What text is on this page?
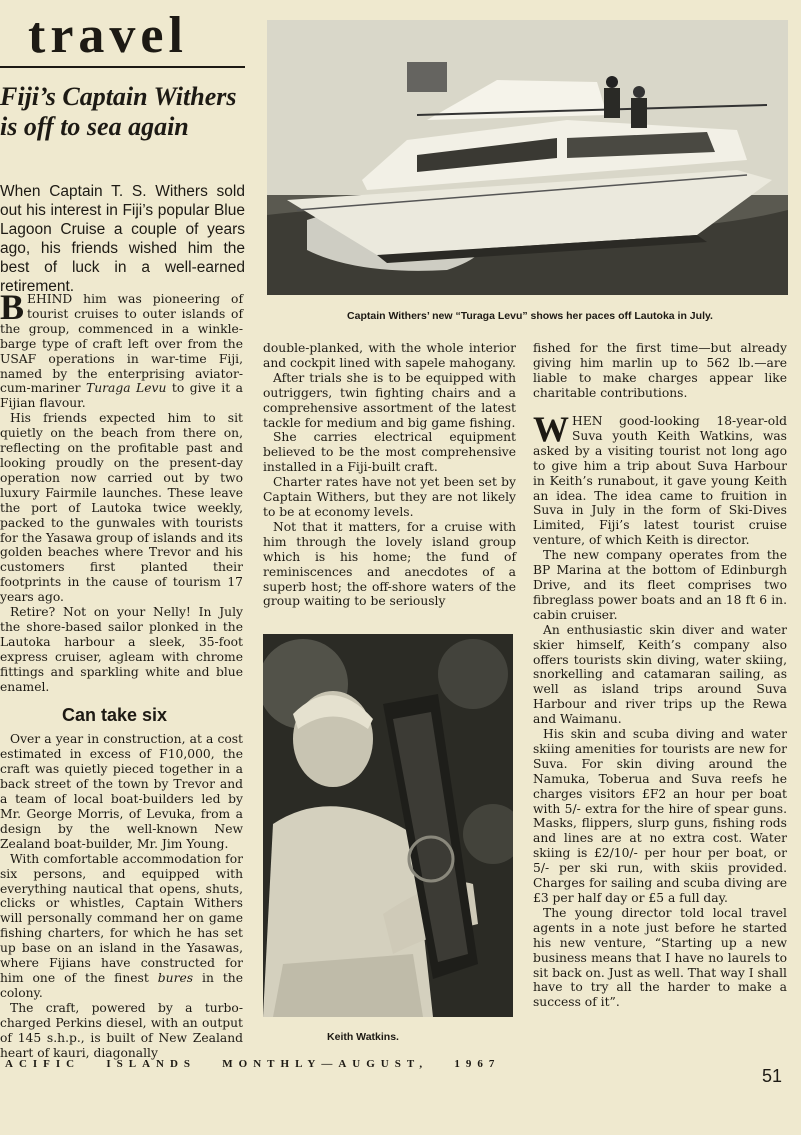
travel
Fiji’s Captain Withers is off to sea again
When Captain T. S. Withers sold out his interest in Fiji’s popular Blue Lagoon Cruise a couple of years ago, his friends wished him the best of luck in a well-earned retirement.

BEHIND him was pioneering of tourist cruises to outer islands of the group, commenced in a winkle-barge type of craft left over from the USAF operations in war-time Fiji, named by the enterprising aviator-cum-mariner Turaga Levu to give it a Fijian flavour.

His friends expected him to sit quietly on the beach from there on, reflecting on the profitable past and looking proudly on the present-day operation now carried out by two luxury Fairmile launches. These leave the port of Lautoka twice weekly, packed to the gunwales with tourists for the Yasawa group of islands and its golden beaches where Trevor and his customers first planted their footprints in the cause of tourism 17 years ago.

Retire? Not on your Nelly! In July the shore-based sailor plonked in the Lautoka harbour a sleek, 35-foot express cruiser, agleam with chrome fittings and sparkling white and blue enamel.

Can take six

Over a year in construction, at a cost estimated in excess of F10,000, the craft was quietly pieced together in a back street of the town by Trevor and a team of local boat-builders led by Mr. George Morris, of Levuka, from a design by the well-known New Zealand boat-builder, Mr. Jim Young.

With comfortable accommodation for six persons, and equipped with everything nautical that opens, shuts, clicks or whistles, Captain Withers will personally command her on game fishing charters, for which he has set up base on an island in the Yasawas, where Fijians have constructed for him one of the finest bures in the colony.

The craft, powered by a turbo-charged Perkins diesel, with an output of 145 s.h.p., is built of New Zealand heart of kauri, diagonally

Captain Withers’ new “Turaga Levu” shows her paces off Lautoka in July.

double-planked, with the whole interior and cockpit lined with sapele mahogany.

After trials she is to be equipped with outriggers, twin fighting chairs and a comprehensive assortment of the latest tackle for medium and big game fishing.

She carries electrical equipment believed to be the most comprehensive installed in a Fiji-built craft.

Charter rates have not yet been set by Captain Withers, but they are not likely to be at economy levels.

Not that it matters, for a cruise with him through the lovely island group which is his home; the fund of reminiscences and anecdotes of a superb host; the off-shore waters of the group waiting to be seriously

Keith Watkins.

fished for the first time—but already giving him marlin up to 562 lb.—are liable to make charges appear like charitable contributions.

WHEN good-looking 18-year-old Suva youth Keith Watkins, was asked by a visiting tourist not long ago to give him a trip about Suva Harbour in Keith’s runabout, it gave young Keith an idea. The idea came to fruition in Suva in July in the form of Ski-Dives Limited, Fiji’s latest tourist cruise venture, of which Keith is director.

The new company operates from the BP Marina at the bottom of Edinburgh Drive, and its fleet comprises two fibreglass power boats and an 18 ft 6 in. cabin cruiser.

An enthusiastic skin diver and water skier himself, Keith’s company also offers tourists skin diving, water skiing, snorkelling and catamaran sailing, as well as island trips around Suva Harbour and river trips up the Rewa and Waimanu.

His skin and scuba diving and water skiing amenities for tourists are new for Suva. For skin diving around the Namuka, Toberua and Suva reefs he charges visitors £F2 an hour per boat with 5/- extra for the hire of spear guns. Masks, flippers, slurp guns, fishing rods and lines are at no extra cost. Water skiing is £2/10/- per hour per boat, or 5/- per ski run, with skiis provided. Charges for sailing and scuba diving are £3 per half day or £5 a full day.

The young director told local travel agents in a note just before he started his new venture, “Starting up a new business means that I have no laurels to sit back on. Just as well. That way I shall have to try all the harder to make a success of it”.

ACIFIC   ISLANDS   MONTHLY—AUGUST,   1967
51
